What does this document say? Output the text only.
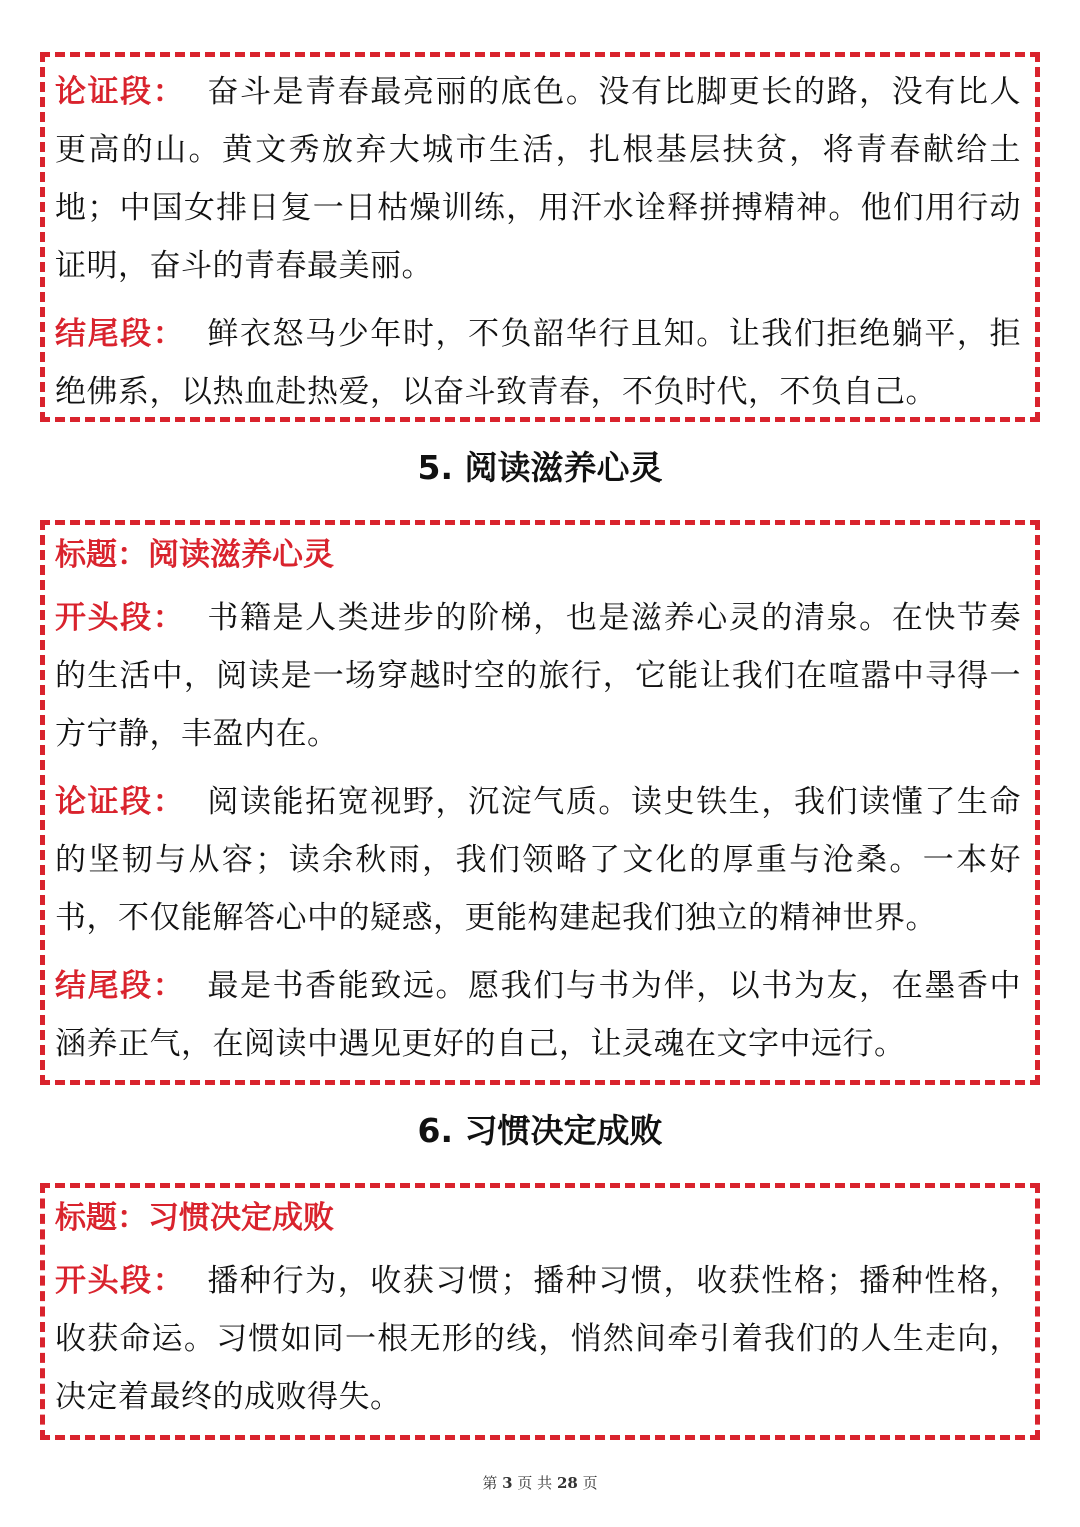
论证段： 奋斗是青春最亮丽的底色。没有比脚更长的路，没有比人更高的山。黄文秀放弃大城市生活，扎根基层扶贫，将青春献给土地；中国女排日复一日枯燥训练，用汗水诠释拼搏精神。他们用行动证明，奋斗的青春最美丽。

结尾段： 鲜衣怒马少年时，不负韶华行且知。让我们拒绝躺平，拒绝佛系，以热血赴热爱，以奋斗致青春，不负时代，不负自己。

5. 阅读滋养心灵

标题：阅读滋养心灵

开头段： 书籍是人类进步的阶梯，也是滋养心灵的清泉。在快节奏的生活中，阅读是一场穿越时空的旅行，它能让我们在喧嚣中寻得一方宁静，丰盈内在。

论证段： 阅读能拓宽视野，沉淀气质。读史铁生，我们读懂了生命的坚韧与从容；读余秋雨，我们领略了文化的厚重与沧桑。一本好书，不仅能解答心中的疑惑，更能构建起我们独立的精神世界。

结尾段： 最是书香能致远。愿我们与书为伴，以书为友，在墨香中涵养正气，在阅读中遇见更好的自己，让灵魂在文字中远行。

6. 习惯决定成败

标题：习惯决定成败

开头段： 播种行为，收获习惯；播种习惯，收获性格；播种性格，收获命运。习惯如同一根无形的线，悄然间牵引着我们的人生走向，决定着最终的成败得失。

第 3 页 共 28 页
